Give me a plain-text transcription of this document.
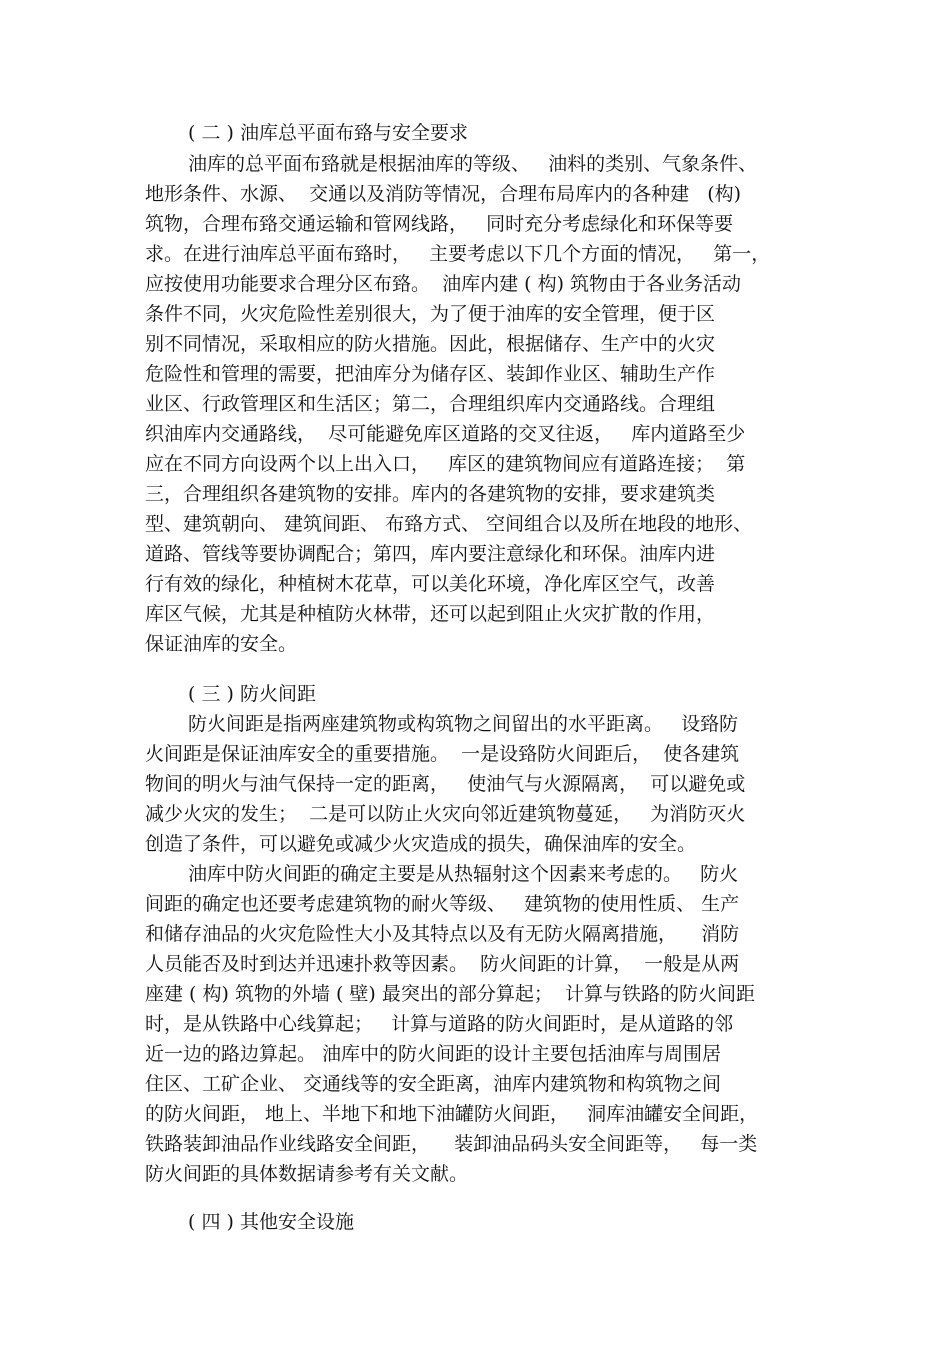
( 二 ) 油库总平面布臵与安全要求
油库的总平面布臵就是根据油库的等级、   油料的类别、气象条件、
地形条件、水源、  交通以及消防等情况，合理布局库内的各种建   (构)
筑物，合理布臵交通运输和管网线路，   同时充分考虑绿化和环保等要
求。在进行油库总平面布臵时，   主要考虑以下几个方面的情况，   第一，
应按使用功能要求合理分区布臵。  油库内建 ( 构) 筑物由于各业务活动
条件不同，火灾危险性差别很大，为了便于油库的安全管理，便于区
别不同情况，采取相应的防火措施。因此，根据储存、生产中的火灾
危险性和管理的需要，把油库分为储存区、装卸作业区、辅助生产作
业区、行政管理区和生活区；第二，合理组织库内交通路线。合理组
织油库内交通路线，  尽可能避免库区道路的交叉往返，   库内道路至少
应在不同方向设两个以上出入口，   库区的建筑物间应有道路连接；  第
三，合理组织各建筑物的安排。库内的各建筑物的安排，要求建筑类
型、建筑朝向、 建筑间距、 布臵方式、 空间组合以及所在地段的地形、
道路、管线等要协调配合；第四，库内要注意绿化和环保。油库内进
行有效的绿化，种植树木花草，可以美化环境，净化库区空气，改善
库区气候，尤其是种植防火林带，还可以起到阻止火灾扩散的作用，
保证油库的安全。
( 三 ) 防火间距
防火间距是指两座建筑物或构筑物之间留出的水平距离。   设臵防
火间距是保证油库安全的重要措施。  一是设臵防火间距后，  使各建筑
物间的明火与油气保持一定的距离，   使油气与火源隔离，  可以避免或
减少火灾的发生；  二是可以防止火灾向邻近建筑物蔓延，   为消防灭火
创造了条件，可以避免或减少火灾造成的损失，确保油库的安全。
油库中防火间距的确定主要是从热辐射这个因素来考虑的。   防火
间距的确定也还要考虑建筑物的耐火等级、   建筑物的使用性质、 生产
和储存油品的火灾危险性大小及其特点以及有无防火隔离措施，    消防
人员能否及时到达并迅速扑救等因素。  防火间距的计算，  一般是从两
座建 ( 构) 筑物的外墙 ( 壁) 最突出的部分算起；  计算与铁路的防火间距
时，是从铁路中心线算起；   计算与道路的防火间距时，是从道路的邻
近一边的路边算起。 油库中的防火间距的设计主要包括油库与周围居
住区、工矿企业、 交通线等的安全距离，油库内建筑物和构筑物之间
的防火间距， 地上、半地下和地下油罐防火间距，   洞库油罐安全间距，
铁路装卸油品作业线路安全间距，    装卸油品码头安全间距等，   每一类
防火间距的具体数据请参考有关文献。
( 四 ) 其他安全设施
